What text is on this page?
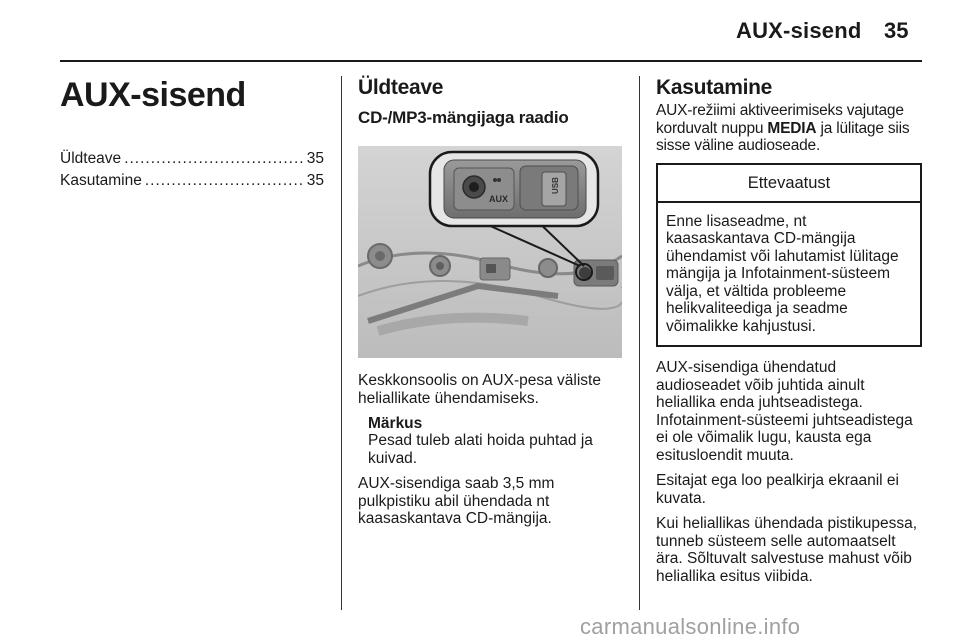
AUX-sisend 35
AUX-sisend
Üldteave .....	35
Kasutamine .....	35
Üldteave
CD-/MP3-mängijaga raadio
AUX
USB

Keskkonsoolis on AUX-pesa väliste heliallikate ühendamiseks.

Märkus

Pesad tuleb alati hoida puhtad ja kuivad.

AUX-sisendiga saab 3,5 mm pulkpistiku abil ühendada nt kaasaskantava CD-mängija.

Kasutamine

AUX-režiimi aktiveerimiseks vajutage korduvalt nuppu MEDIA ja lülitage siis sisse väline audioseade.

Ettevaatust
Enne lisaseadme, nt kaasaskantava CD-mängija ühendamist või lahutamist lülitage mängija ja Infotainment-süsteem välja, et vältida probleeme helikvaliteediga ja seadme võimalikke kahjustusi.

AUX-sisendiga ühendatud audioseadet võib juhtida ainult heliallika enda juhtseadistega. Infotainment-süsteemi juhtseadistega ei ole võimalik lugu, kausta ega esitusloendit muuta.

Esitajat ega loo pealkirja ekraanil ei kuvata.

Kui heliallikas ühendada pistikupessa, tunneb süsteem selle automaatselt ära. Sõltuvalt salvestuse mahust võib heliallika esitus viibida.

carmanualsonline.info
